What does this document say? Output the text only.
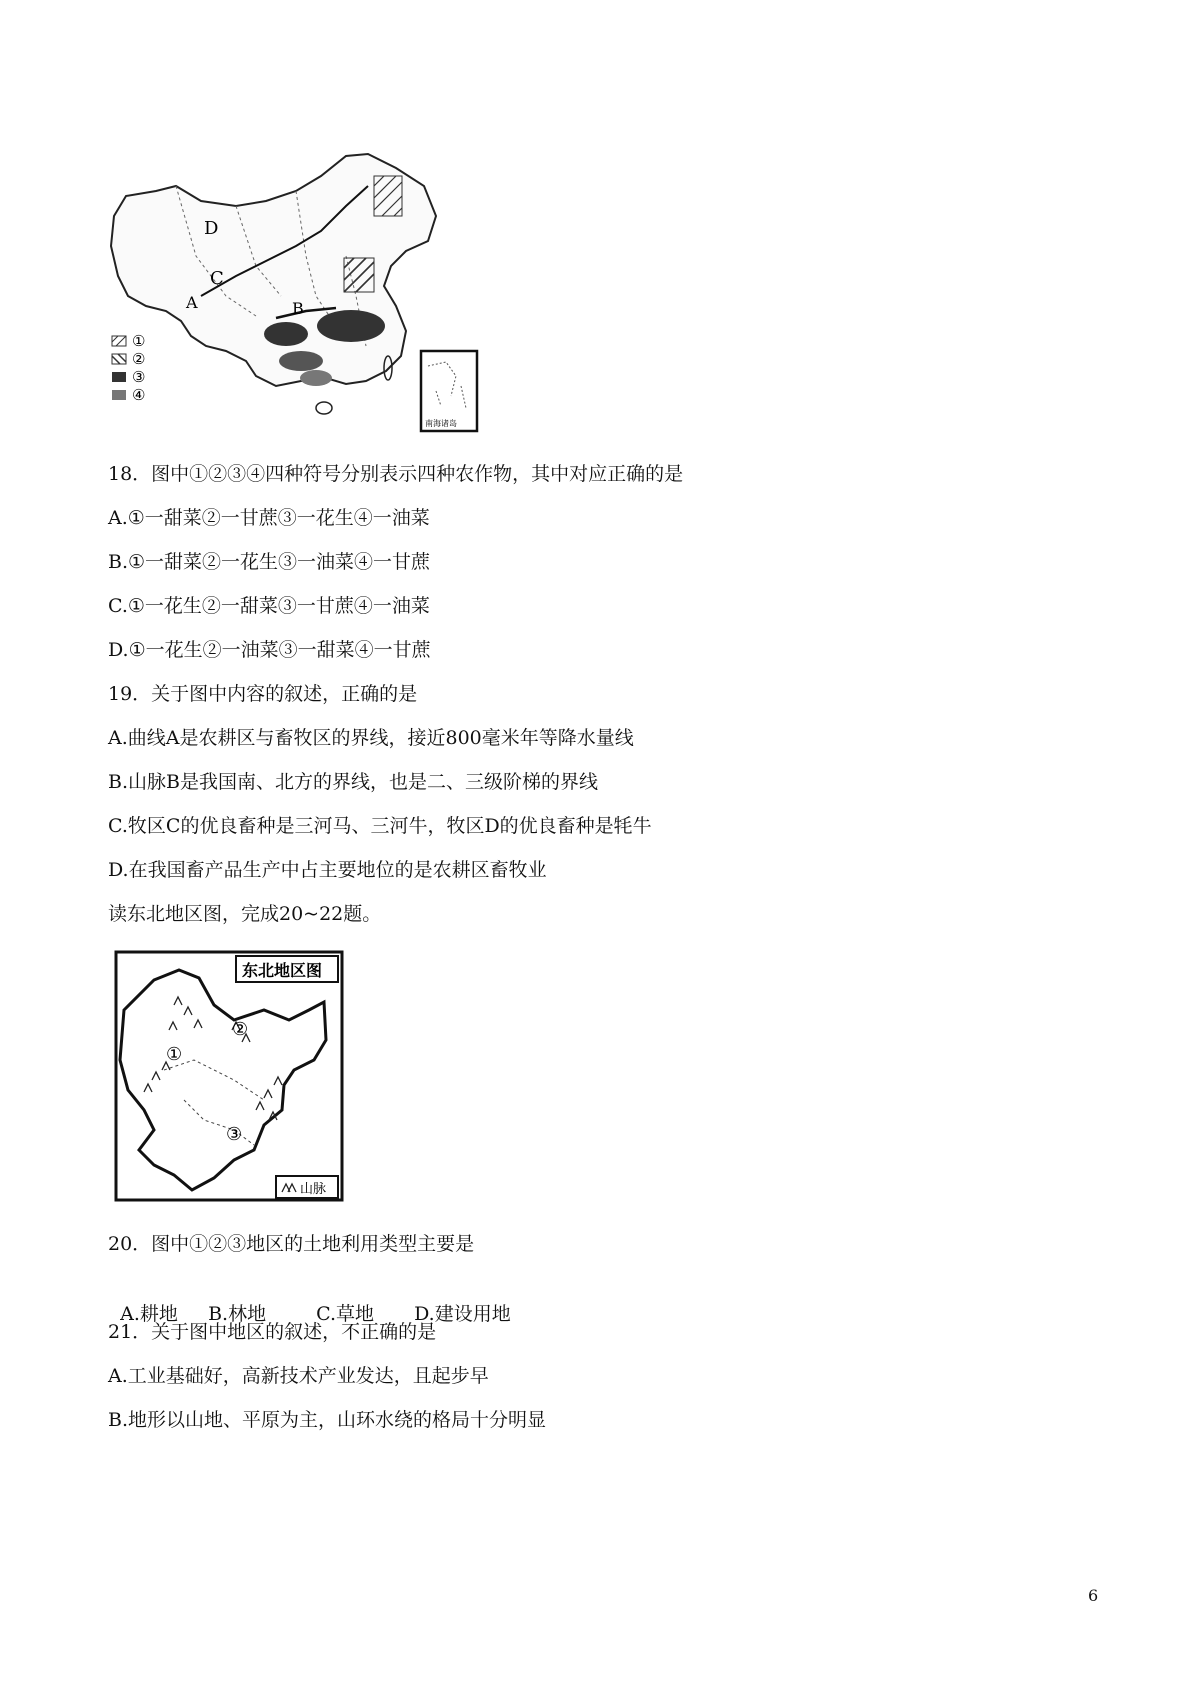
D
C
A	B
①
②
③
④
南海诸岛
18．图中①②③④四种符号分别表示四种农作物，其中对应正确的是
A.①一甜菜②一甘蔗③一花生④一油菜
B.①一甜菜②一花生③一油菜④一甘蔗
C.①一花生②一甜菜③一甘蔗④一油菜
D.①一花生②一油菜③一甜菜④一甘蔗
19．关于图中内容的叙述，正确的是
A.曲线A是农耕区与畜牧区的界线，接近800毫米年等降水量线
B.山脉B是我国南、北方的界线，也是二、三级阶梯的界线
C.牧区C的优良畜种是三河马、三河牛，牧区D的优良畜种是牦牛
D.在我国畜产品生产中占主要地位的是农耕区畜牧业
读东北地区图，完成20~22题。
东北地区图
①
②
③
山脉
20．图中①②③地区的土地利用类型主要是

A.耕地 B.林地	C.草地 D.建设用地

21．关于图中地区的叙述，不正确的是
A.工业基础好，高新技术产业发达，且起步早
B.地形以山地、平原为主，山环水绕的格局十分明显
6
